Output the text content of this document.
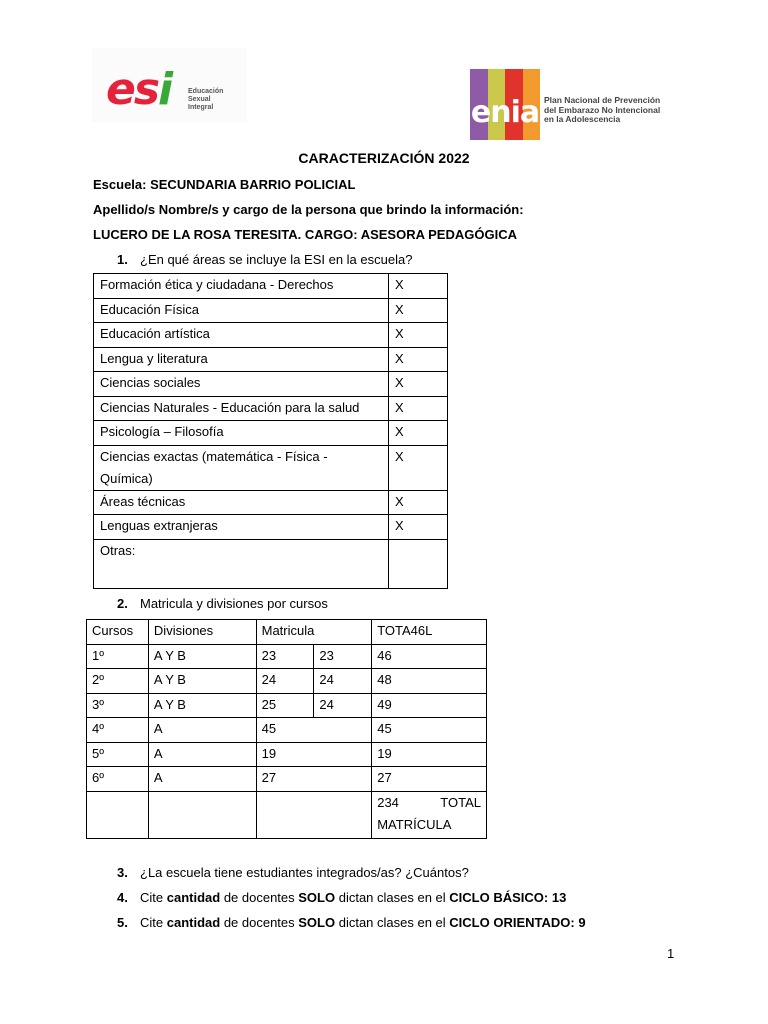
esi Educación
Sexual
Integral	enia Plan Nacional de Prevención
del Embarazo No Intencional
en la Adolescencia
CARACTERIZACIÓN 2022
Escuela: SECUNDARIA BARRIO POLICIAL
Apellido/s Nombre/s y cargo de la persona que brindo la información:
LUCERO DE LA ROSA TERESITA. CARGO: ASESORA PEDAGÓGICA
1. ¿En qué áreas se incluye la ESI en la escuela?
Formación ética y ciudadana - Derechos	X
Educación Física	X
Educación artística	X
Lengua y literatura	X
Ciencias sociales	X
Ciencias Naturales - Educación para la salud	X
Psicología – Filosofía	X
Ciencias exactas (matemática - Física - Química)	X
Áreas técnicas	X
Lenguas extranjeras	X
Otras:	
2. Matricula y divisiones por cursos
Cursos	Divisiones	Matricula		TOTA46L
1º	A Y B	23	23	46
2º	A Y B	24	24	48
3º	A Y B	25	24	49
4º	A	45		45
5º	A	19		19
6º	A	27		27

				234 TOTAL
MATRÍCULA
3. ¿La escuela tiene estudiantes integrados/as? ¿Cuántos?
4. Cite cantidad de docentes SOLO dictan clases en el CICLO BÁSICO: 13
5. Cite cantidad de docentes SOLO dictan clases en el CICLO ORIENTADO: 9
1
